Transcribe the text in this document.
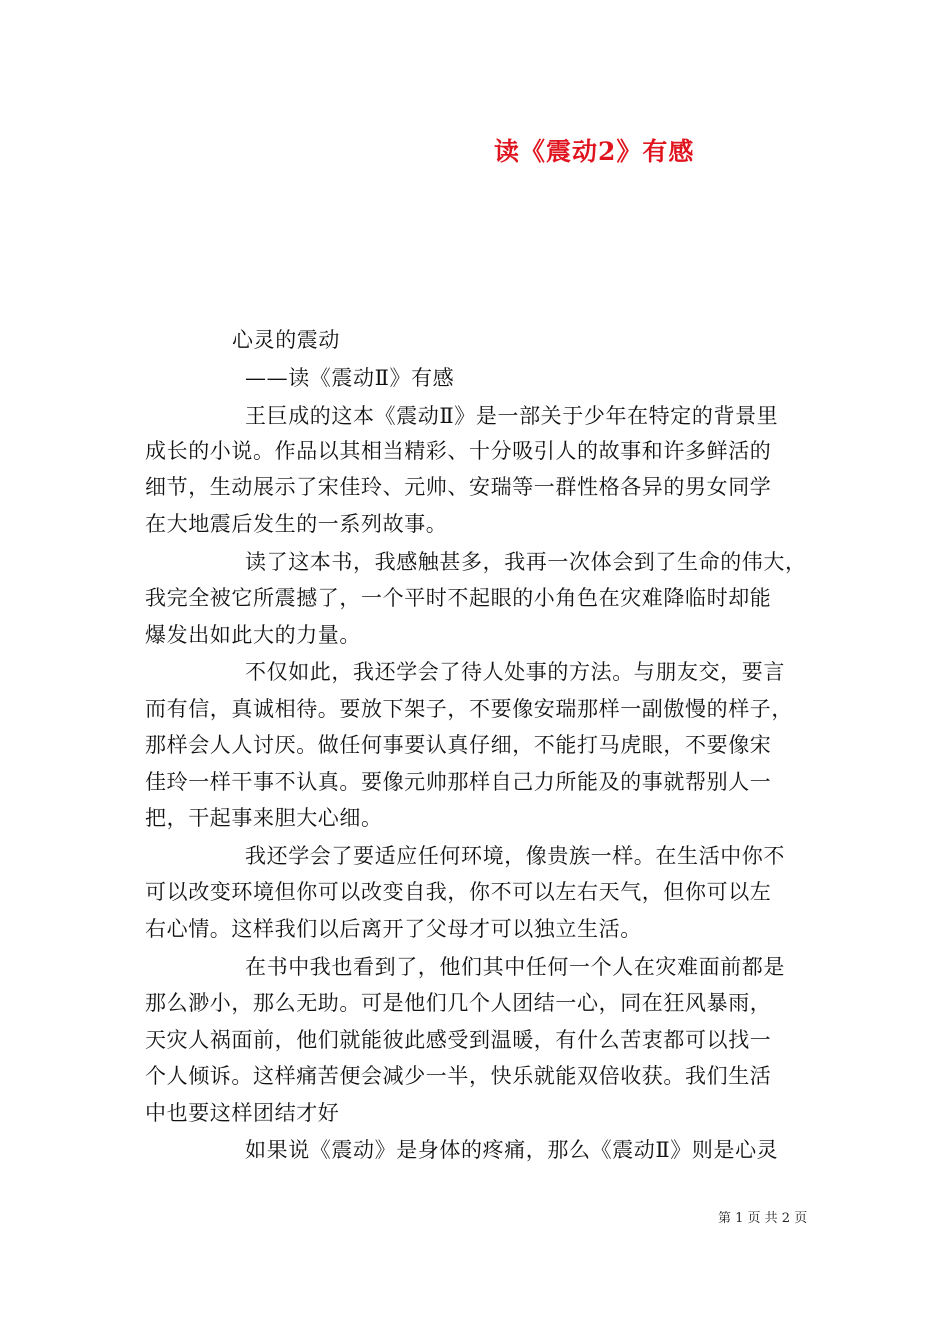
读《震动2》有感
心灵的震动
——读《震动Ⅱ》有感
王巨成的这本《震动Ⅱ》是一部关于少年在特定的背景里
成长的小说。作品以其相当精彩、十分吸引人的故事和许多鲜活的
细节，生动展示了宋佳玲、元帅、安瑞等一群性格各异的男女同学
在大地震后发生的一系列故事。
读了这本书，我感触甚多，我再一次体会到了生命的伟大，
我完全被它所震撼了，一个平时不起眼的小角色在灾难降临时却能
爆发出如此大的力量。
不仅如此，我还学会了待人处事的方法。与朋友交，要言
而有信，真诚相待。要放下架子，不要像安瑞那样一副傲慢的样子，
那样会人人讨厌。做任何事要认真仔细，不能打马虎眼，不要像宋
佳玲一样干事不认真。要像元帅那样自己力所能及的事就帮别人一
把，干起事来胆大心细。
我还学会了要适应任何环境，像贵族一样。在生活中你不
可以改变环境但你可以改变自我，你不可以左右天气，但你可以左
右心情。这样我们以后离开了父母才可以独立生活。
在书中我也看到了，他们其中任何一个人在灾难面前都是
那么渺小，那么无助。可是他们几个人团结一心，同在狂风暴雨，
天灾人祸面前，他们就能彼此感受到温暖，有什么苦衷都可以找一
个人倾诉。这样痛苦便会减少一半，快乐就能双倍收获。我们生活
中也要这样团结才好
如果说《震动》是身体的疼痛，那么《震动Ⅱ》则是心灵
第 1 页 共 2 页
